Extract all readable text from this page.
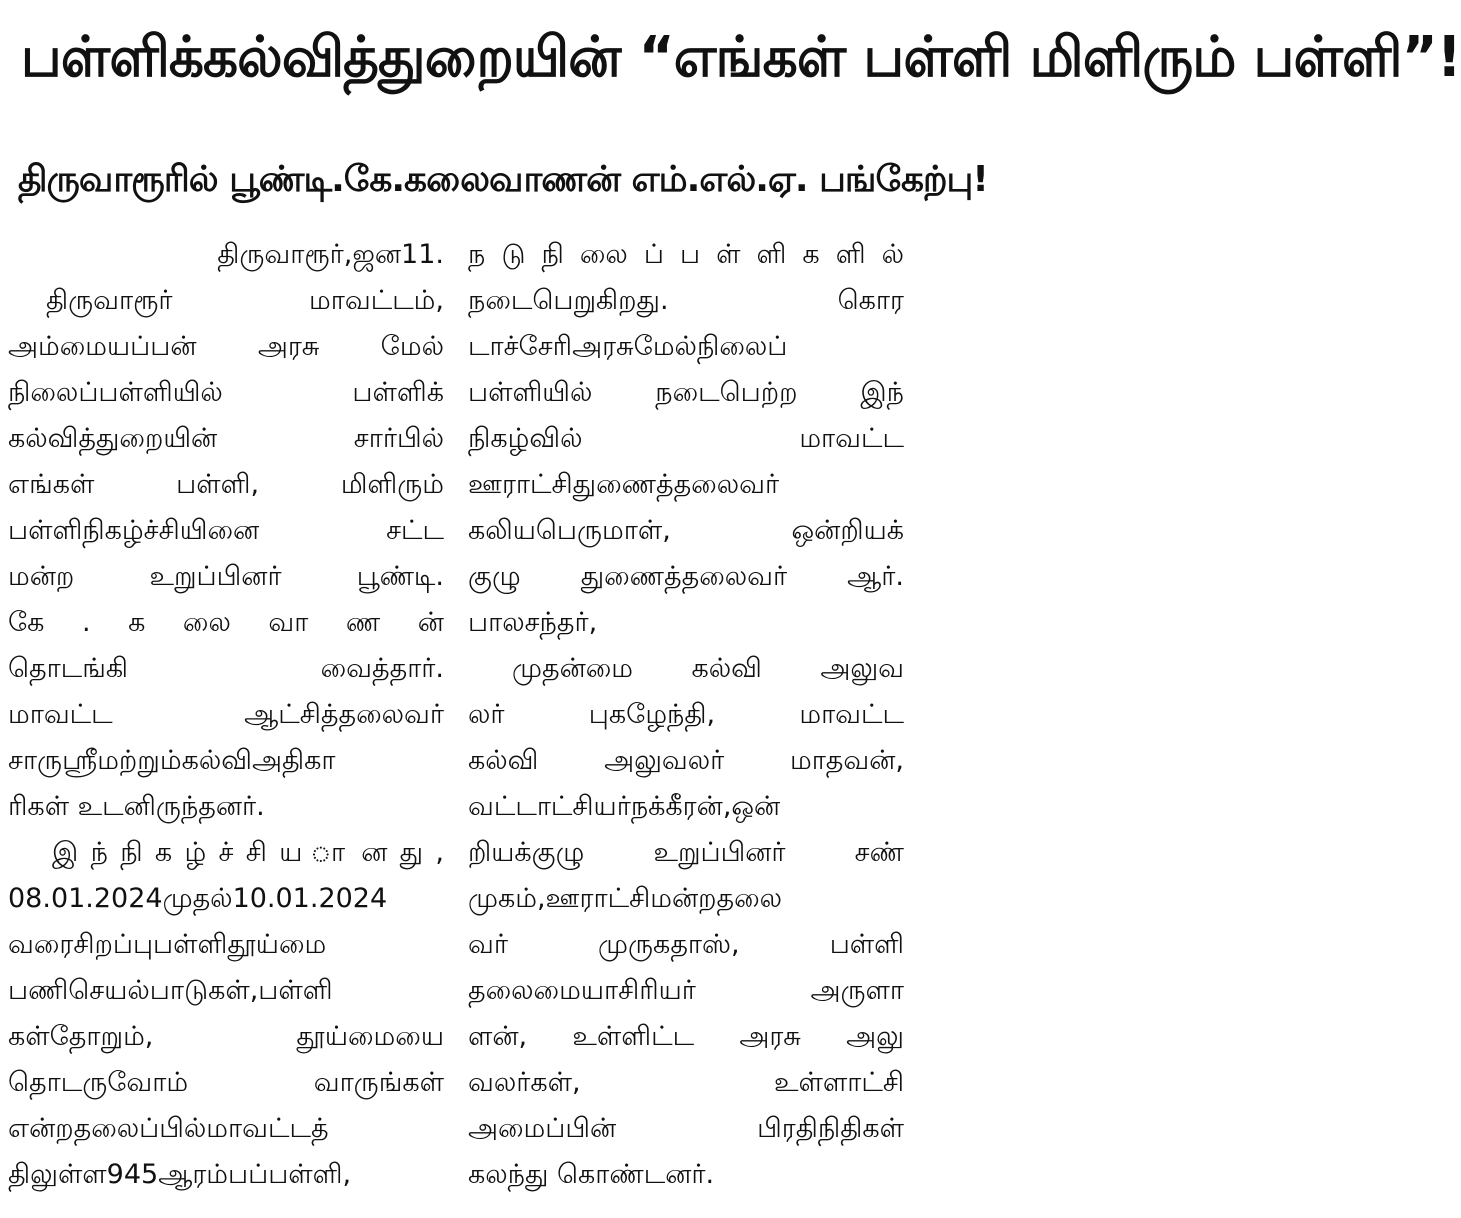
பள்ளிக்கல்வித்துறையின் “எங்கள் பள்ளி மிளிரும் பள்ளி”!
திருவாரூரில் பூண்டி.கே.கலைவாணன் எம்.எல்.ஏ. பங்கேற்பு!
திருவாரூர்,ஜன11.
திருவாரூர் மாவட்டம்,
அம்மையப்பன் அரசு மேல்
நிலைப்பள்ளியில் பள்ளிக்
கல்வித்துறையின் சார்பில்
எங்கள் பள்ளி, மிளிரும்
பள்ளிநிகழ்ச்சியினை சட்ட
மன்ற உறுப்பினர் பூண்டி.
கே . க லை வா ண ன்
தொடங்கி வைத்தார்.
மாவட்ட ஆட்சித்தலைவர்
சாருஸ்ரீமற்றும்கல்விஅதிகா
ரிகள் உடனிருந்தனர்.
இ ந் நி க ழ் ச் சி ய ா ன து ,
08.01.2024முதல்10.01.2024
வரைசிறப்புபள்ளிதூய்மை
பணிசெயல்பாடுகள்,பள்ளி
கள்தோறும், தூய்மையை
தொடருவோம் வாருங்கள்
என்றதலைப்பில்மாவட்டத்
திலுள்ள945ஆரம்பப்பள்ளி,
ந டு நி லை ப் ப ள் ளி க ளி ல்
நடைபெறுகிறது. கொர
டாச்சேரிஅரசுமேல்நிலைப்
பள்ளியில் நடைபெற்ற இந்
நிகழ்வில் மாவட்ட
ஊராட்சிதுணைத்தலைவர்
கலியபெருமாள், ஒன்றியக்
குழு துணைத்தலைவர் ஆர்.
பாலசந்தர்,
முதன்மை கல்வி அலுவ
லர் புகழேந்தி, மாவட்ட
கல்வி அலுவலர் மாதவன்,
வட்டாட்சியர்நக்கீரன்,ஒன்
றியக்குழு உறுப்பினர் சண்
முகம்,ஊராட்சிமன்றதலை
வர் முருகதாஸ், பள்ளி
தலைமையாசிரியர் அருளா
ளன், உள்ளிட்ட அரசு அலு
வலர்கள், உள்ளாட்சி
அமைப்பின் பிரதிநிதிகள்
கலந்து கொண்டனர்.
